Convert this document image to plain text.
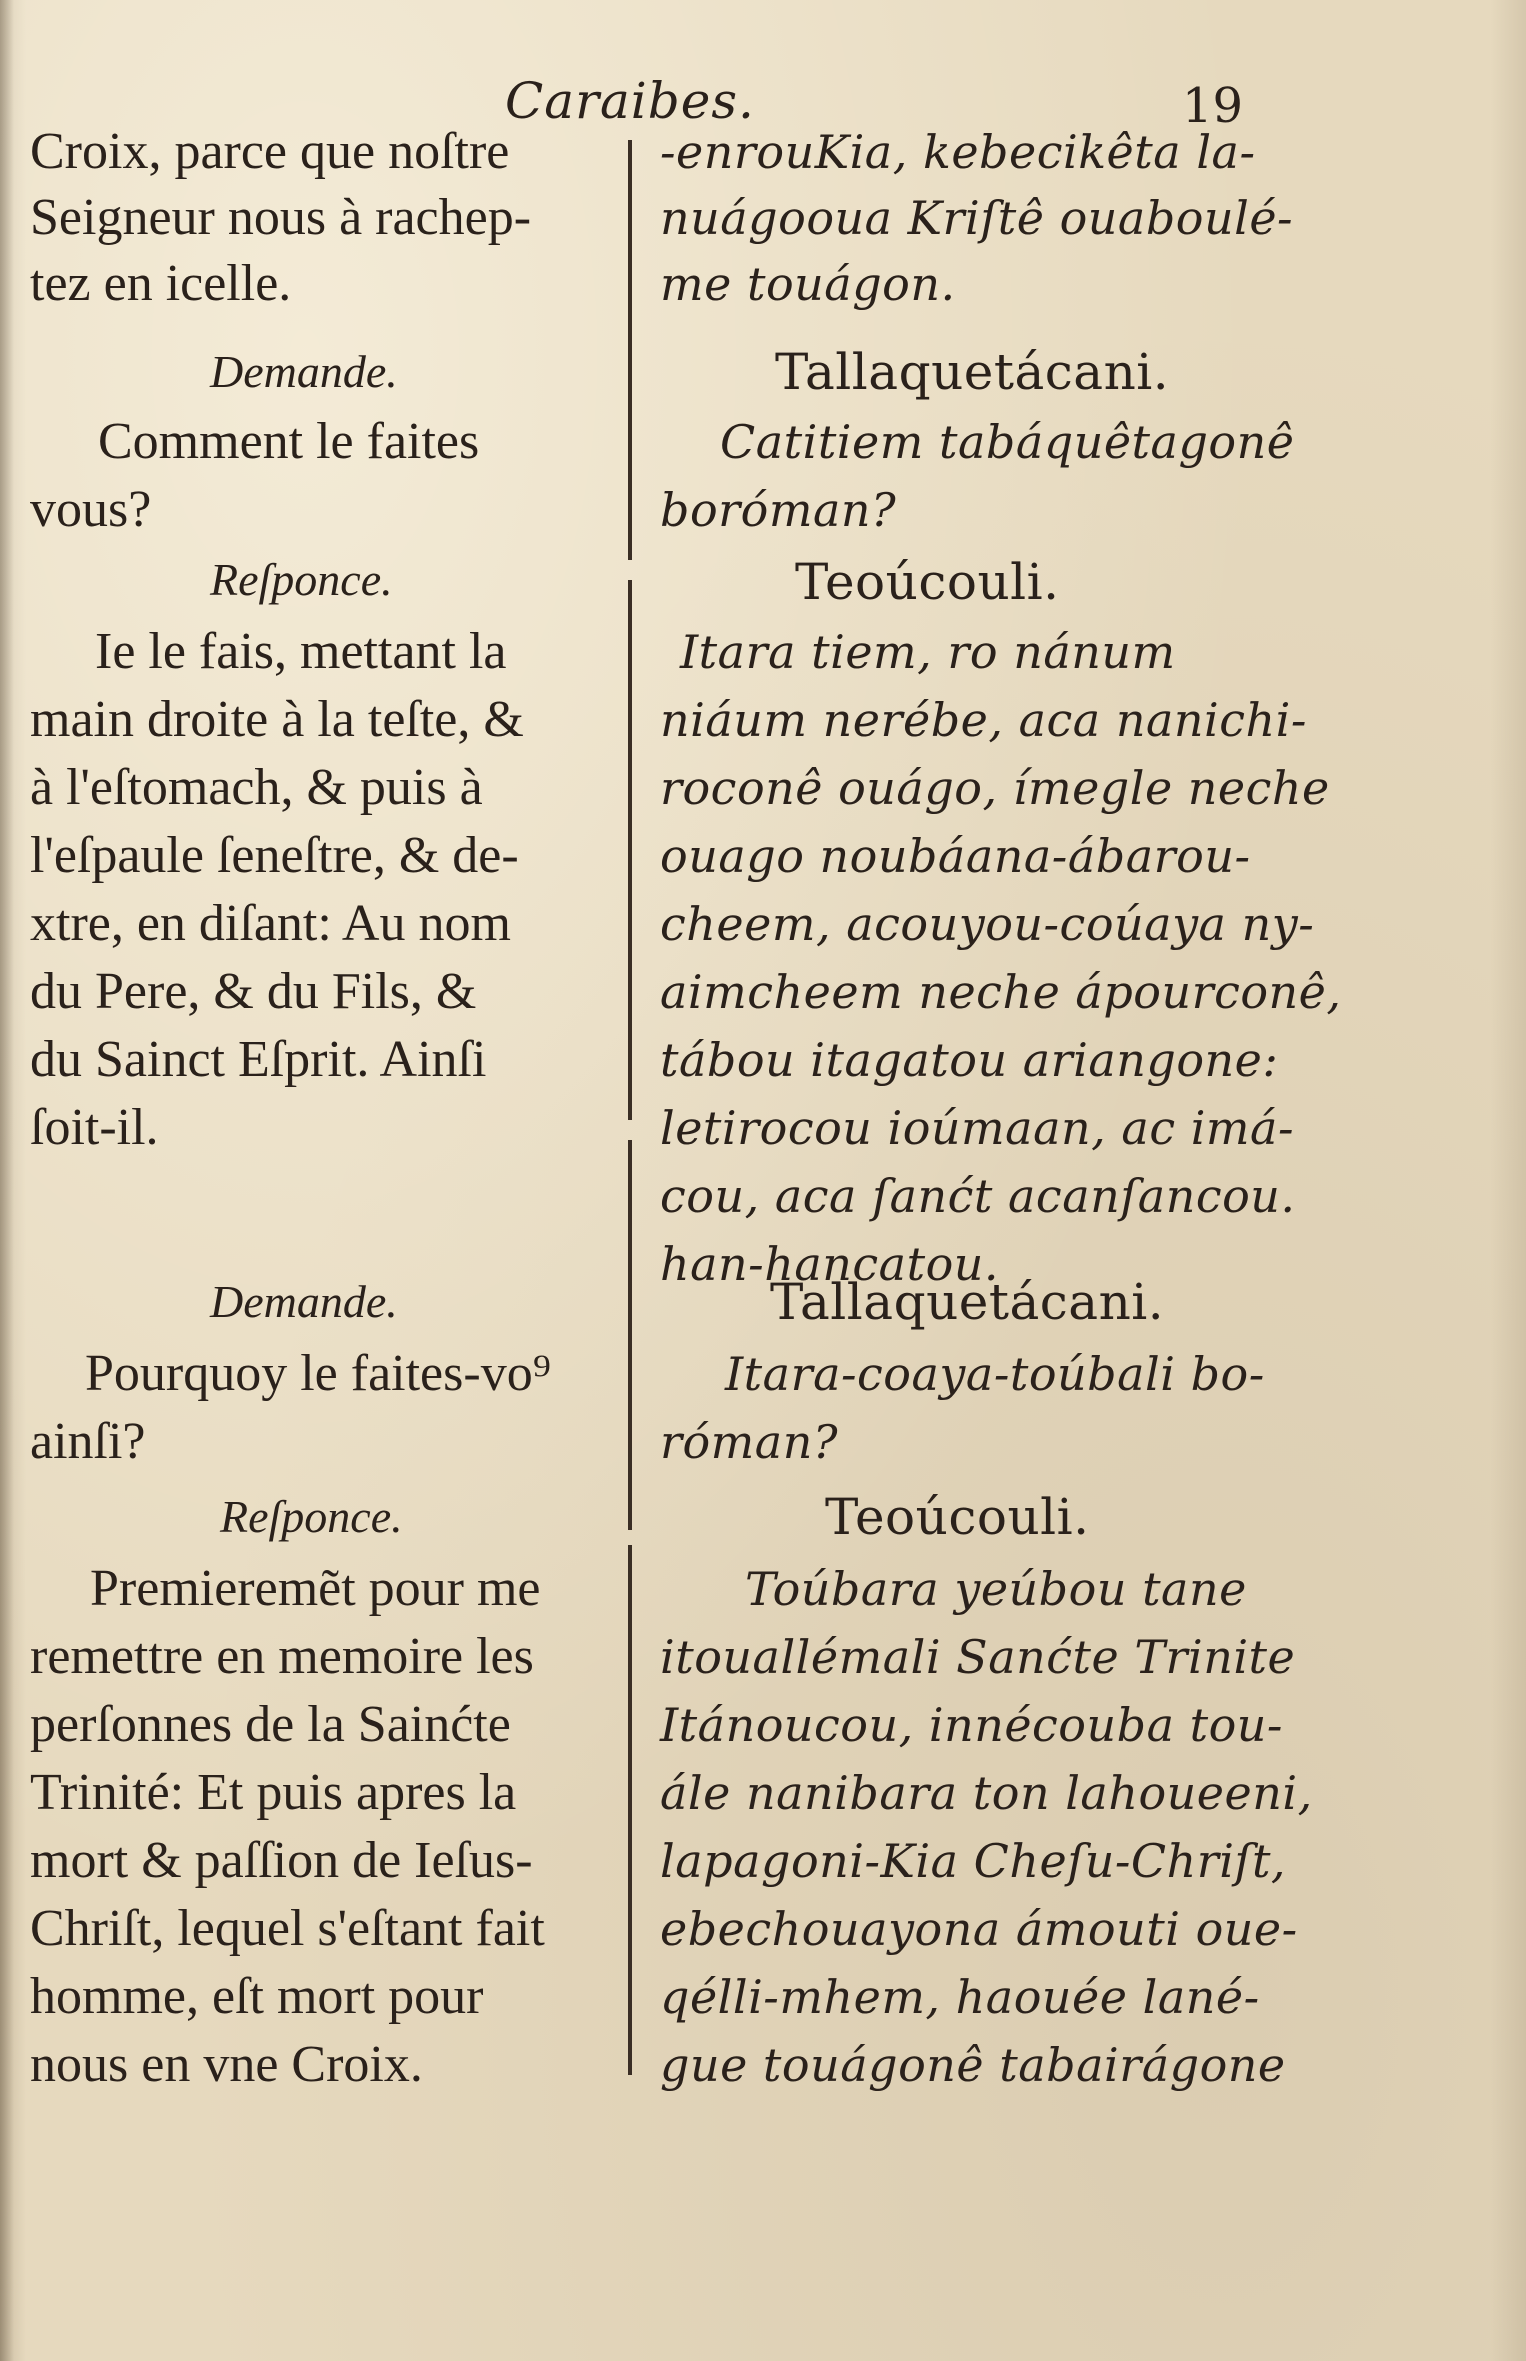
Caraibes.	19
Croix, parce que noſtre
Seigneur nous à rachep-
tez en icelle.
Demande.
Comment le faites
vous?
Reſponce.
Ie le fais, mettant la
main droite à la teſte, &
à l'eſtomach, & puis à
l'eſpaule ſeneſtre, & de-
xtre, en diſant: Au nom
du Pere, & du Fils, &
du Sainct Eſprit. Ainſi
ſoit-il.
Demande.
Pourquoy le faites-vo⁹
ainſi?
Reſponce.
Premieremẽt pour me
remettre en memoire les
perſonnes de la Sainćte
Trinité: Et puis apres la
mort & paſſion de Ieſus-
Chriſt, lequel s'eſtant fait
homme, eſt mort pour
nous en vne Croix.
-enrouKia, kebecikêta la-
nuágooua Kriſtê ouaboulé-
me touágon.
Tallaquetácani.
Catitiem tabáquêtagonê
boróman?
Teoúcouli.
Itara tiem, ro nánum
niáum nerébe, aca nanichi-
roconê ouágo, ímegle neche
ouago noubáana-ábarou-
cheem, acouyou-coúaya ny-
aimcheem neche ápourconê,
tábou itagatou ariangone:
letirocou ioúmaan, ac imá-
cou, aca ſanćt acanſancou.
han-hancatou.
Tallaquetácani.
Itara-coaya-toúbali bo-
róman?
Teoúcouli.
Toúbara yeúbou tane
itouallémali Sanćte Trinite
Itánoucou, innécouba tou-
ále nanibara ton lahoueeni,
lapagoni-Kia Cheſu-Chriſt,
ebechouayona ámouti oue-
qélli-mhem, haouée lané-
gue touágonê tabairágone
